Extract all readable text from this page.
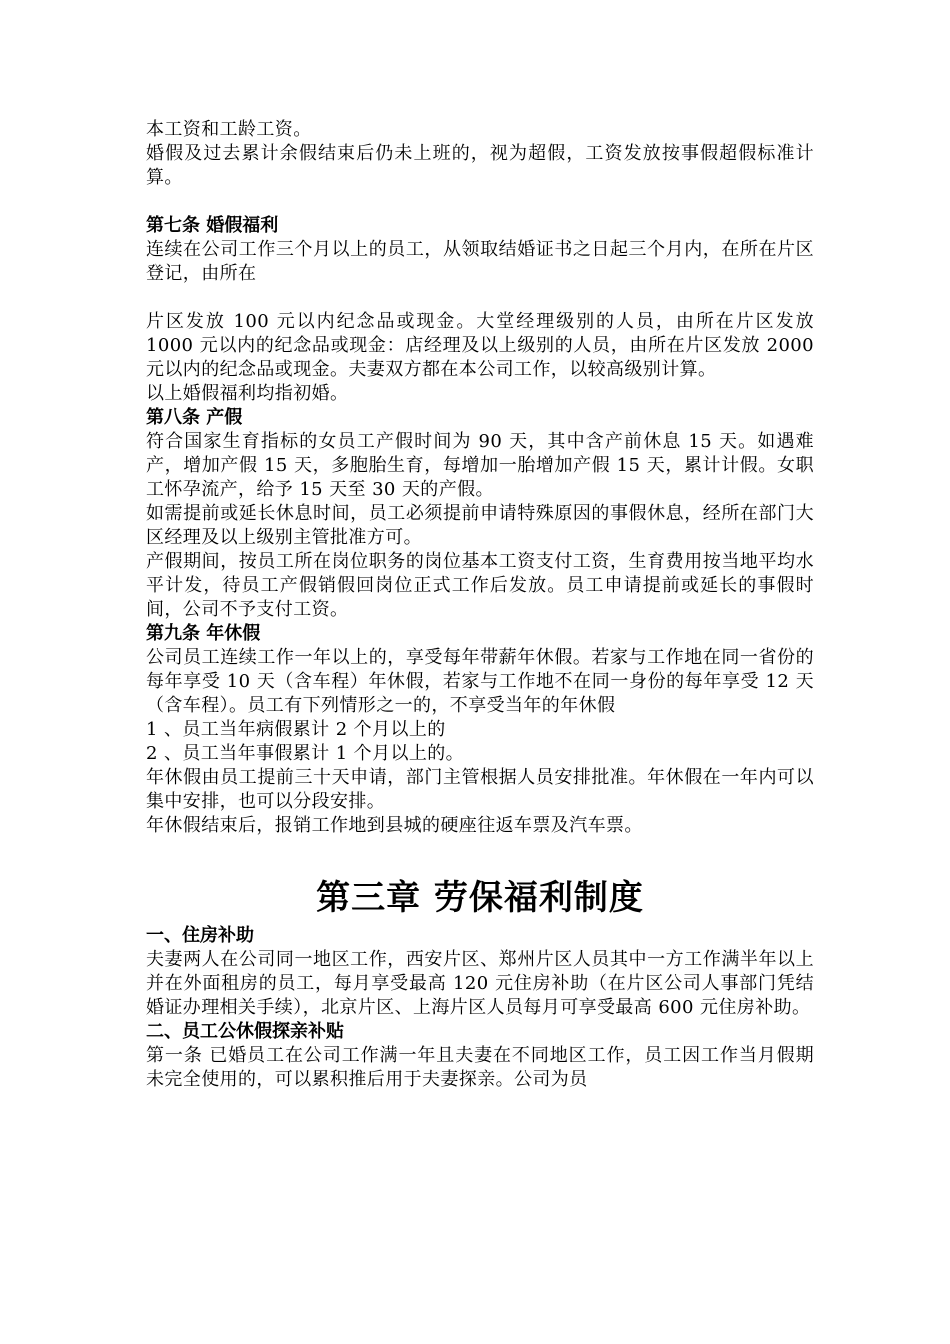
本工资和工龄工资。

婚假及过去累计余假结束后仍未上班的，视为超假，工资发放按事假超假标准计算。

第七条 婚假福利

连续在公司工作三个月以上的员工，从领取结婚证书之日起三个月内，在所在片区登记，由所在

片区发放 100 元以内纪念品或现金。大堂经理级别的人员，由所在片区发放 1000 元以内的纪念品或现金：店经理及以上级别的人员，由所在片区发放 2000 元以内的纪念品或现金。夫妻双方都在本公司工作，以较高级别计算。

以上婚假福利均指初婚。

第八条 产假

符合国家生育指标的女员工产假时间为 90 天，其中含产前休息 15 天。如遇难产，增加产假 15 天，多胞胎生育，每增加一胎增加产假 15 天，累计计假。女职工怀孕流产，给予 15 天至 30 天的产假。

如需提前或延长休息时间，员工必须提前申请特殊原因的事假休息，经所在部门大区经理及以上级别主管批准方可。

产假期间，按员工所在岗位职务的岗位基本工资支付工资，生育费用按当地平均水平计发，待员工产假销假回岗位正式工作后发放。员工申请提前或延长的事假时间，公司不予支付工资。

第九条 年休假

公司员工连续工作一年以上的，享受每年带薪年休假。若家与工作地在同一省份的每年享受 10 天（含车程）年休假，若家与工作地不在同一身份的每年享受 12 天（含车程）。员工有下列情形之一的，不享受当年的年休假

1 、员工当年病假累计 2 个月以上的

2 、员工当年事假累计 1 个月以上的。

年休假由员工提前三十天申请，部门主管根据人员安排批准。年休假在一年内可以集中安排，也可以分段安排。

年休假结束后，报销工作地到县城的硬座往返车票及汽车票。

第三章 劳保福利制度
一、住房补助

夫妻两人在公司同一地区工作，西安片区、郑州片区人员其中一方工作满半年以上并在外面租房的员工，每月享受最高 120 元住房补助（在片区公司人事部门凭结婚证办理相关手续），北京片区、上海片区人员每月可享受最高 600 元住房补助。

二、员工公休假探亲补贴

第一条 已婚员工在公司工作满一年且夫妻在不同地区工作，员工因工作当月假期未完全使用的，可以累积推后用于夫妻探亲。公司为员
